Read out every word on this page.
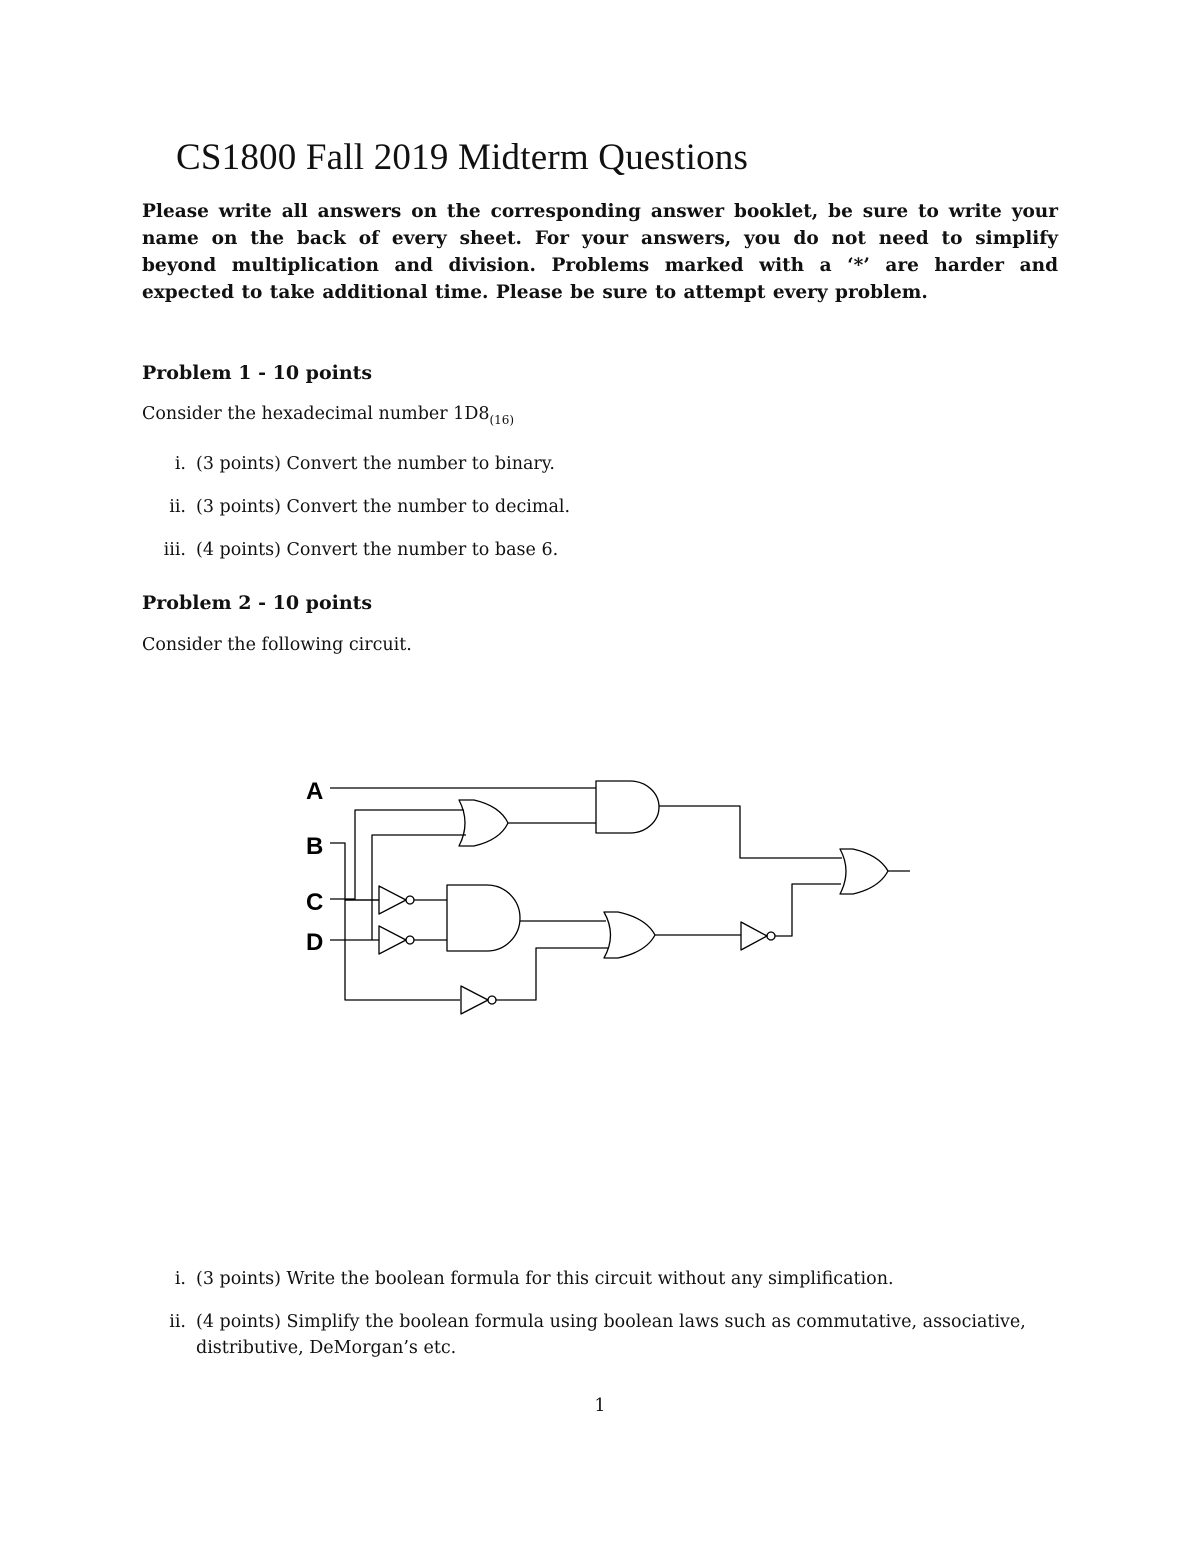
CS1800 Fall 2019 Midterm Questions
Please write all answers on the corresponding answer booklet, be sure to write your name on the back of every sheet. For your answers, you do not need to simplify beyond multiplication and division. Problems marked with a ‘*’ are harder and expected to take additional time. Please be sure to attempt every problem.
Problem 1 - 10 points
Consider the hexadecimal number $1D8_{(16)}$
i. (3 points) Convert the number to binary.
ii. (3 points) Convert the number to decimal.
iii. (4 points) Convert the number to base 6.
Problem 2 - 10 points
Consider the following circuit.
A
B
C
D
i. (3 points) Write the boolean formula for this circuit without any simplification.
ii. (4 points) Simplify the boolean formula using boolean laws such as commutative, associative, distributive, DeMorgan’s etc.
1
